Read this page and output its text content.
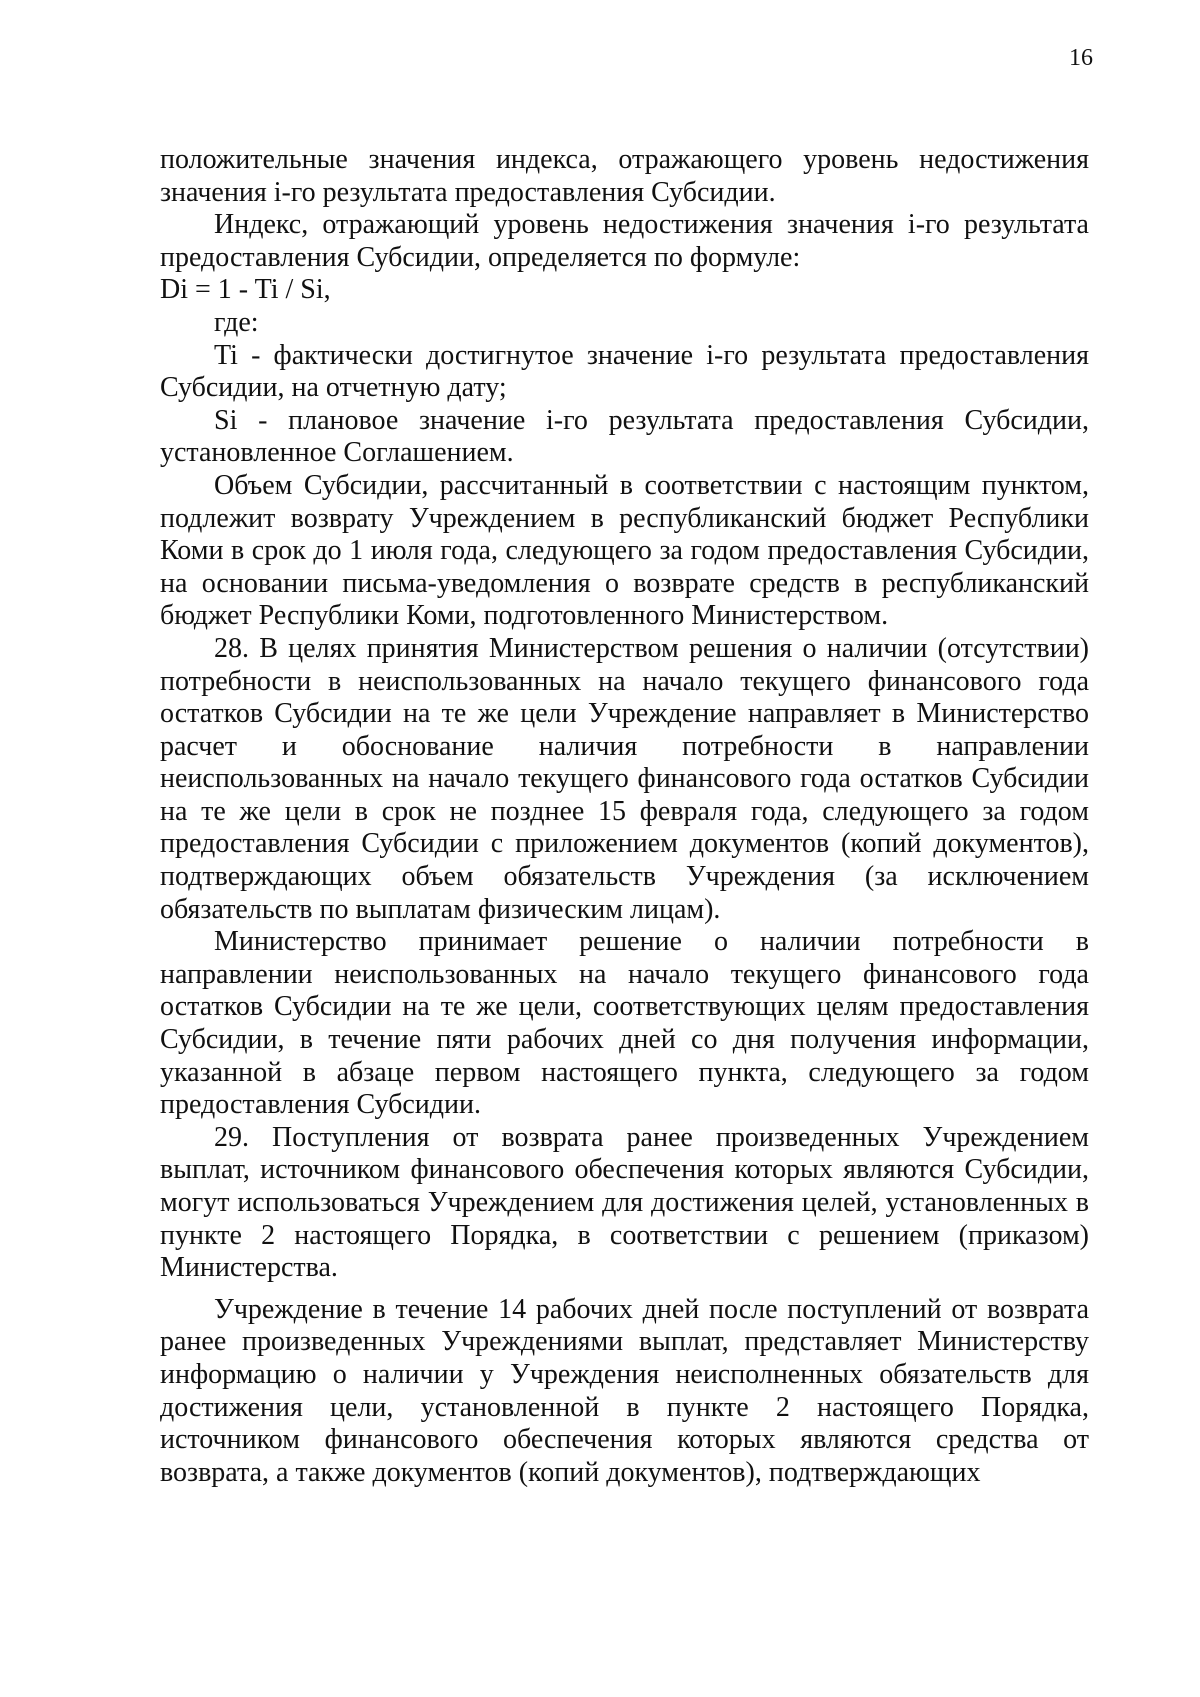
16

положительные значения индекса, отражающего уровень недостижения значения i-го результата предоставления Субсидии.

Индекс, отражающий уровень недостижения значения i-го результата предоставления Субсидии, определяется по формуле:

Di = 1 - Ti / Si,

где:

Ti - фактически достигнутое значение i-го результата предоставления Субсидии, на отчетную дату;

Si - плановое значение i-го результата предоставления Субсидии, установленное Соглашением.

Объем Субсидии, рассчитанный в соответствии с настоящим пунктом, подлежит возврату Учреждением в республиканский бюджет Республики Коми в срок до 1 июля года, следующего за годом предоставления Субсидии, на основании письма-уведомления о возврате средств в республиканский бюджет Республики Коми, подготовленного Министерством.

28. В целях принятия Министерством решения о наличии (отсутствии) потребности в неиспользованных на начало текущего финансового года остатков Субсидии на те же цели Учреждение направляет в Министерство расчет и обоснование наличия потребности в направлении неиспользованных на начало текущего финансового года остатков Субсидии на те же цели в срок не позднее 15 февраля года, следующего за годом предоставления Субсидии с приложением документов (копий документов), подтверждающих объем обязательств Учреждения (за исключением обязательств по выплатам физическим лицам).

Министерство принимает решение о наличии потребности в направлении неиспользованных на начало текущего финансового года остатков Субсидии на те же цели, соответствующих целям предоставления Субсидии, в течение пяти рабочих дней со дня получения информации, указанной в абзаце первом настоящего пункта, следующего за годом предоставления Субсидии.

29. Поступления от возврата ранее произведенных Учреждением выплат, источником финансового обеспечения которых являются Субсидии, могут использоваться Учреждением для достижения целей, установленных в пункте 2 настоящего Порядка, в соответствии с решением (приказом) Министерства.

Учреждение в течение 14 рабочих дней после поступлений от возврата ранее произведенных Учреждениями выплат, представляет Министерству информацию о наличии у Учреждения неисполненных обязательств для достижения цели, установленной в пункте 2 настоящего Порядка, источником финансового обеспечения которых являются средства от возврата, а также документов (копий документов), подтверждающих
